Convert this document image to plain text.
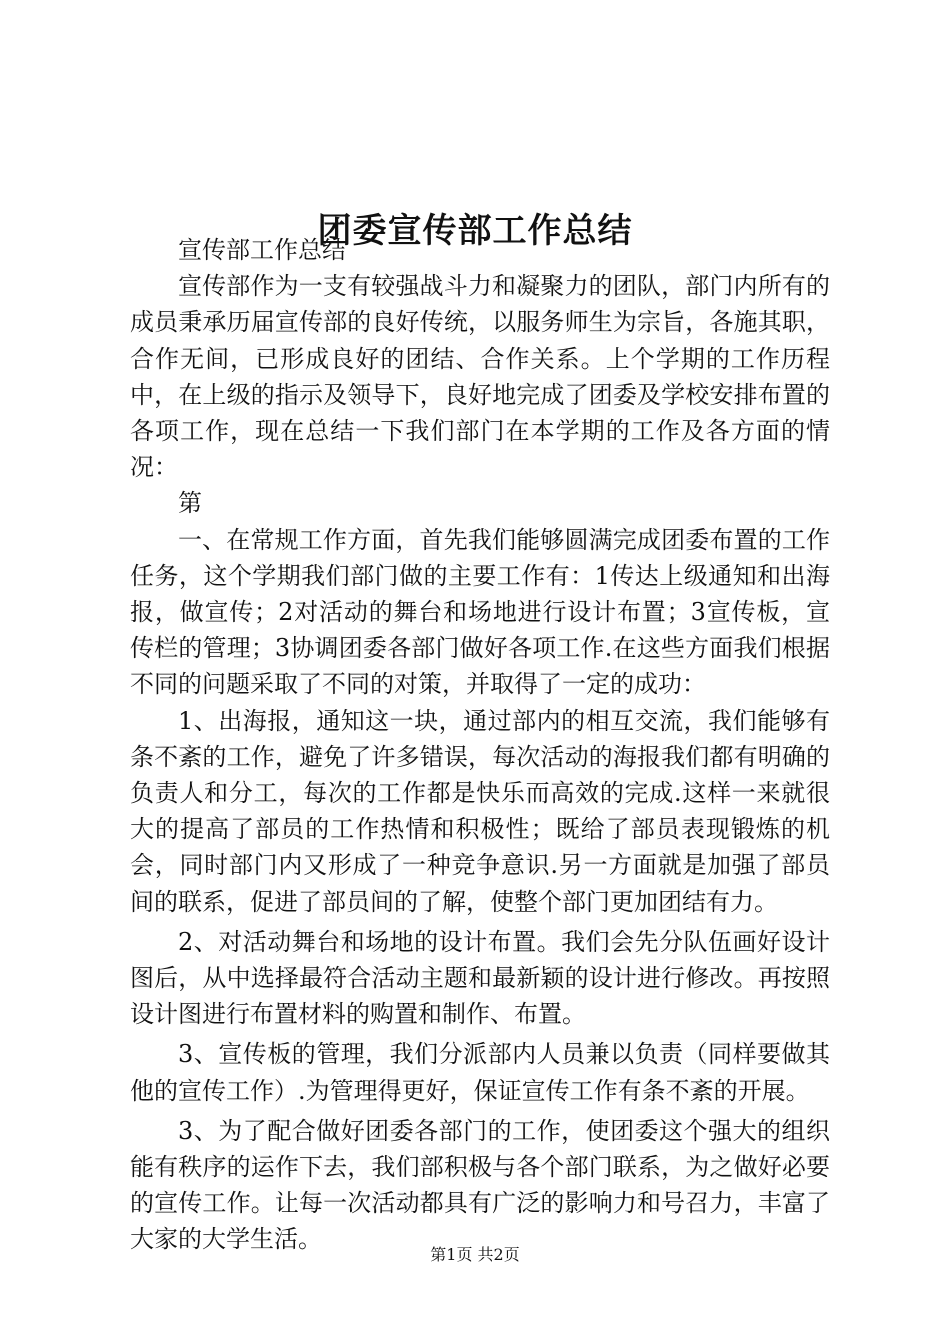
团委宣传部工作总结

宣传部工作总结

宣传部作为一支有较强战斗力和凝聚力的团队，部门内所有的成员秉承历届宣传部的良好传统，以服务师生为宗旨，各施其职，合作无间，已形成良好的团结、合作关系。上个学期的工作历程中，在上级的指示及领导下，良好地完成了团委及学校安排布置的各项工作，现在总结一下我们部门在本学期的工作及各方面的情况：

第

一、在常规工作方面，首先我们能够圆满完成团委布置的工作任务，这个学期我们部门做的主要工作有：1传达上级通知和出海报，做宣传；2对活动的舞台和场地进行设计布置；3宣传板，宣传栏的管理；3协调团委各部门做好各项工作.在这些方面我们根据不同的问题采取了不同的对策，并取得了一定的成功：

1、出海报，通知这一块，通过部内的相互交流，我们能够有条不紊的工作，避免了许多错误，每次活动的海报我们都有明确的负责人和分工，每次的工作都是快乐而高效的完成.这样一来就很大的提高了部员的工作热情和积极性；既给了部员表现锻炼的机会，同时部门内又形成了一种竞争意识.另一方面就是加强了部员间的联系，促进了部员间的了解，使整个部门更加团结有力。

2、对活动舞台和场地的设计布置。我们会先分队伍画好设计图后，从中选择最符合活动主题和最新颖的设计进行修改。再按照设计图进行布置材料的购置和制作、布置。

3、宣传板的管理，我们分派部内人员兼以负责（同样要做其他的宣传工作）.为管理得更好，保证宣传工作有条不紊的开展。

3、为了配合做好团委各部门的工作，使团委这个强大的组织能有秩序的运作下去，我们部积极与各个部门联系，为之做好必要的宣传工作。让每一次活动都具有广泛的影响力和号召力，丰富了大家的大学生活。

第1页 共2页
